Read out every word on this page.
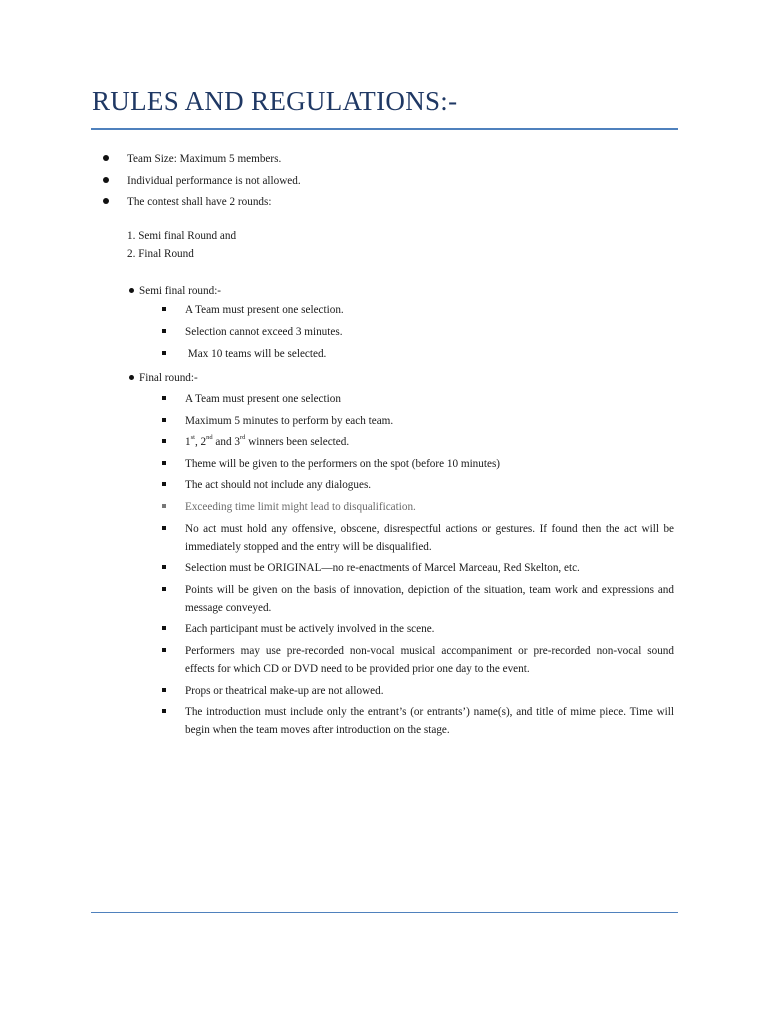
RULES AND REGULATIONS:-
Team Size: Maximum 5 members.
Individual performance is not allowed.
The contest shall have 2 rounds:
1. Semi final Round and
2. Final Round
Semi final round:-
A Team must present one selection.
Selection cannot exceed 3 minutes.
Max 10 teams will be selected.
Final round:-
A Team must present one selection
Maximum 5 minutes to perform by each team.
1st, 2nd and 3rd winners been selected.
Theme will be given to the performers on the spot (before 10 minutes)
The act should not include any dialogues.
Exceeding time limit might lead to disqualification.
No act must hold any offensive, obscene, disrespectful actions or gestures. If found then the act will be immediately stopped and the entry will be disqualified.
Selection must be ORIGINAL—no re-enactments of Marcel Marceau, Red Skelton, etc.
Points will be given on the basis of innovation, depiction of the situation, team work and expressions and message conveyed.
Each participant must be actively involved in the scene.
Performers may use pre-recorded non-vocal musical accompaniment or pre-recorded non-vocal sound effects for which CD or DVD need to be provided prior one day to the event.
Props or theatrical make-up are not allowed.
The introduction must include only the entrant’s (or entrants’) name(s), and title of mime piece. Time will begin when the team moves after introduction on the stage.
